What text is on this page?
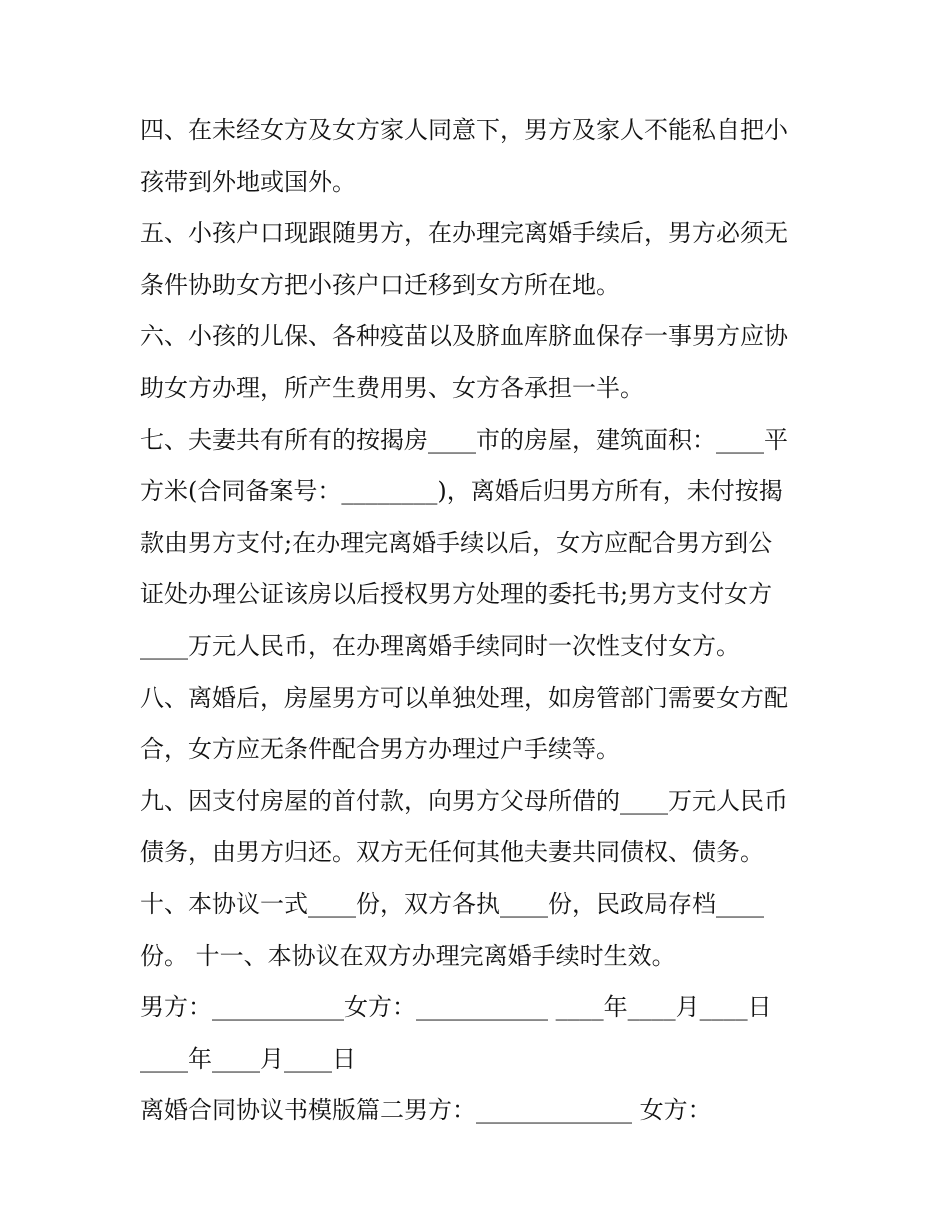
四、在未经女方及女方家人同意下，男方及家人不能私自把小
孩带到外地或国外。
五、小孩户口现跟随男方，在办理完离婚手续后，男方必须无
条件协助女方把小孩户口迁移到女方所在地。
六、小孩的儿保、各种疫苗以及脐血库脐血保存一事男方应协
助女方办理，所产生费用男、女方各承担一半。
七、夫妻共有所有的按揭房____市的房屋，建筑面积：____平
方米(合同备案号：________)，离婚后归男方所有，未付按揭
款由男方支付;在办理完离婚手续以后，女方应配合男方到公
证处办理公证该房以后授权男方处理的委托书;男方支付女方
____万元人民币，在办理离婚手续同时一次性支付女方。
八、离婚后，房屋男方可以单独处理，如房管部门需要女方配
合，女方应无条件配合男方办理过户手续等。
九、因支付房屋的首付款，向男方父母所借的____万元人民币
债务，由男方归还。双方无任何其他夫妻共同债权、债务。
十、本协议一式____份，双方各执____份，民政局存档____
份。 十一、本协议在双方办理完离婚手续时生效。
男方：___________女方：___________ ____年____月____日
____年____月____日
离婚合同协议书模版篇二男方：_____________ 女方：
